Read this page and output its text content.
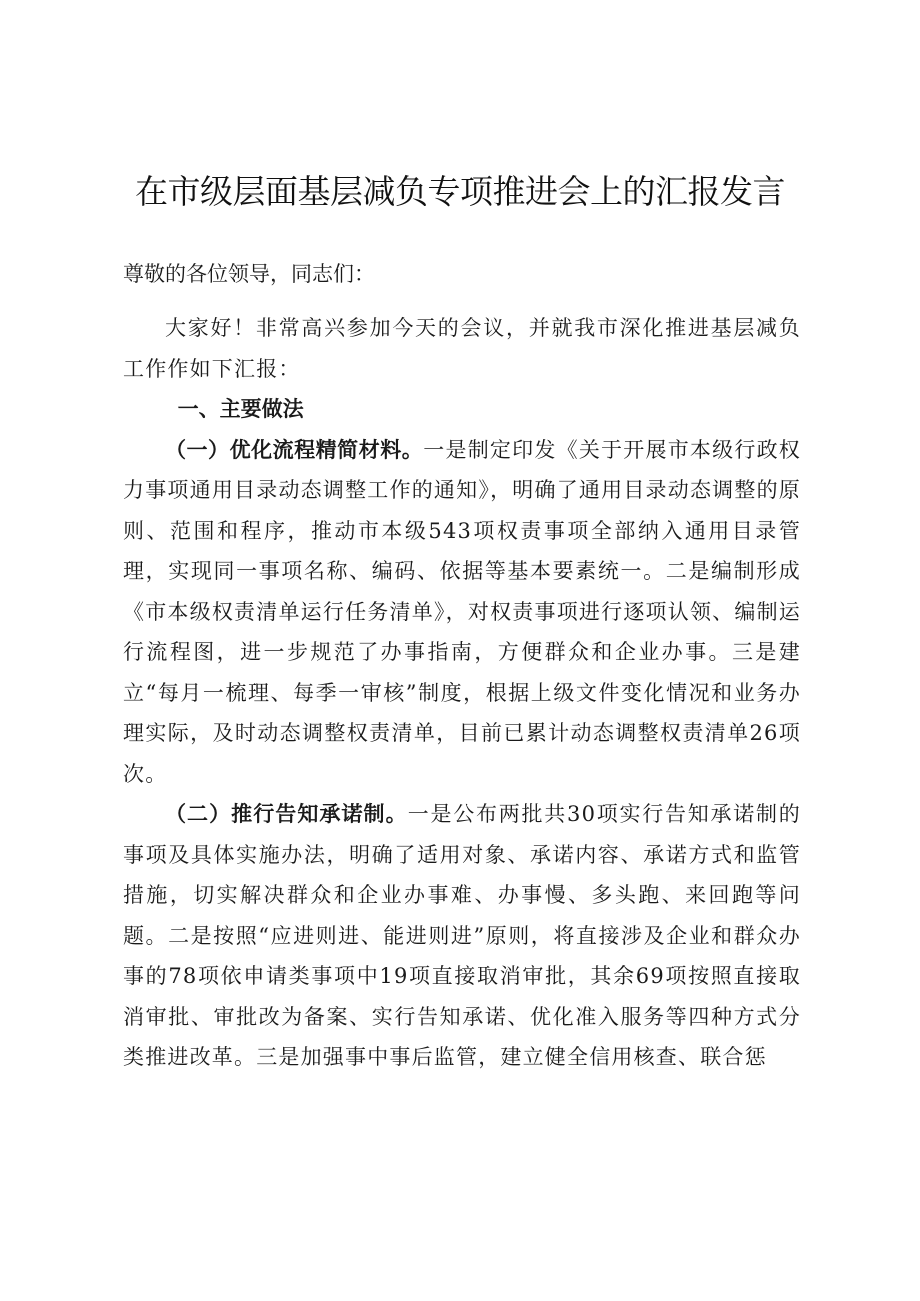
在市级层面基层减负专项推进会上的汇报发言

尊敬的各位领导，同志们：

大家好！非常高兴参加今天的会议，并就我市深化推进基层减负工作作如下汇报：

一、主要做法

（一）优化流程精简材料。一是制定印发《关于开展市本级行政权力事项通用目录动态调整工作的通知》，明确了通用目录动态调整的原则、范围和程序，推动市本级543项权责事项全部纳入通用目录管理，实现同一事项名称、编码、依据等基本要素统一。二是编制形成《市本级权责清单运行任务清单》，对权责事项进行逐项认领、编制运行流程图，进一步规范了办事指南，方便群众和企业办事。三是建立“每月一梳理、每季一审核”制度，根据上级文件变化情况和业务办理实际，及时动态调整权责清单，目前已累计动态调整权责清单26项次。

（二）推行告知承诺制。一是公布两批共30项实行告知承诺制的事项及具体实施办法，明确了适用对象、承诺内容、承诺方式和监管措施，切实解决群众和企业办事难、办事慢、多头跑、来回跑等问题。二是按照“应进则进、能进则进”原则，将直接涉及企业和群众办事的78项依申请类事项中19项直接取消审批，其余69项按照直接取消审批、审批改为备案、实行告知承诺、优化准入服务等四种方式分类推进改革。三是加强事中事后监管，建立健全信用核查、联合惩
